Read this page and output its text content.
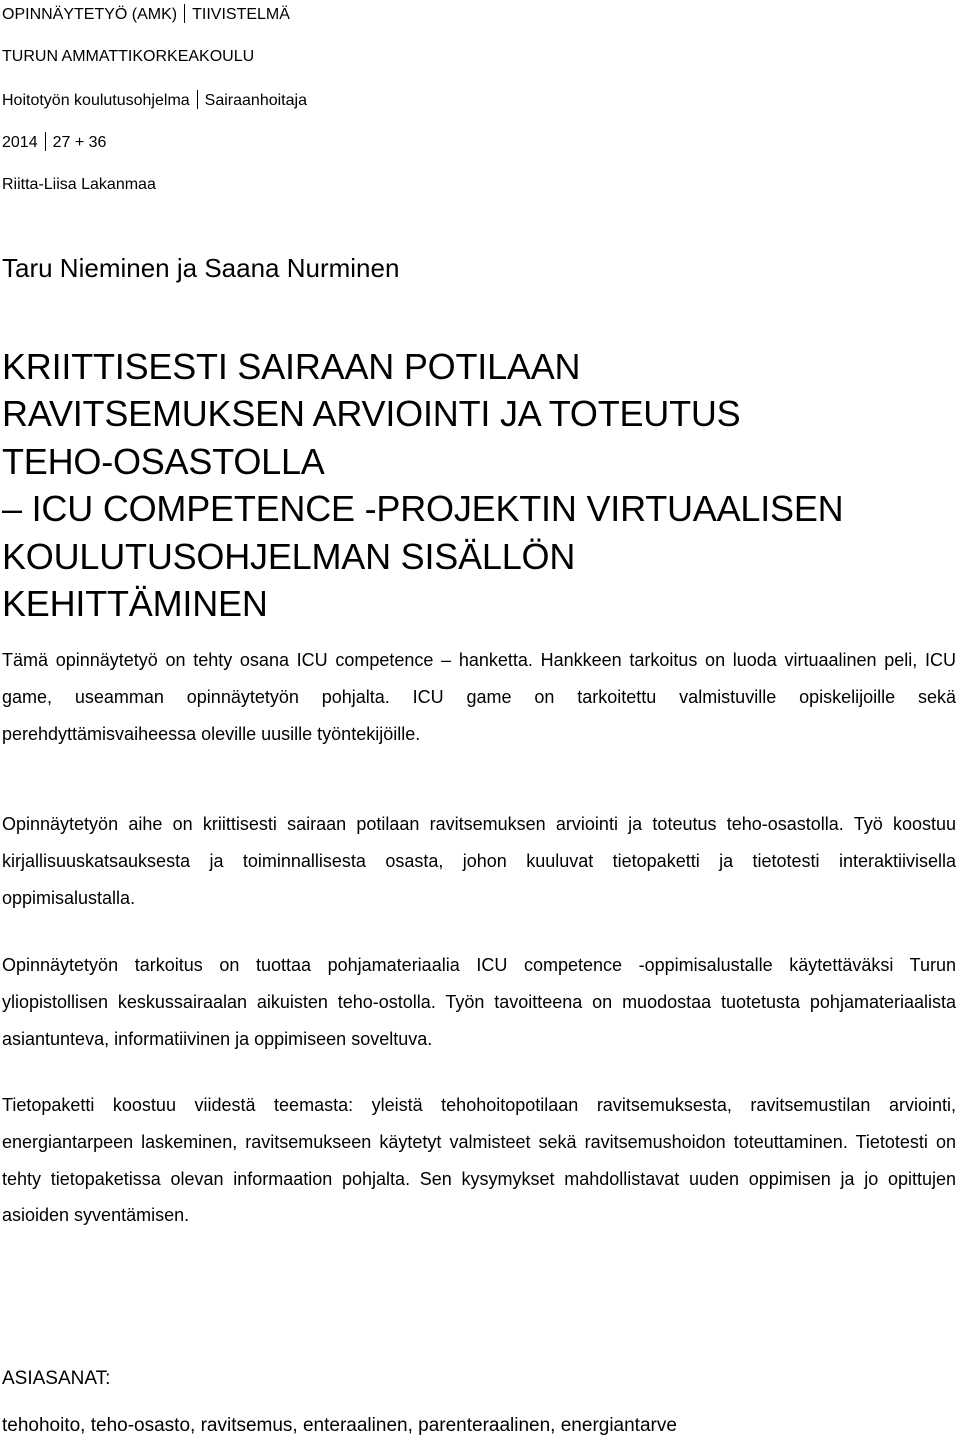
OPINNÄYTETYÖ (AMK) TIIVISTELMÄ
TURUN AMMATTIKORKEAKOULU
Hoitotyön koulutusohjelma Sairaanhoitaja
2014 27 + 36
Riitta-Liisa Lakanmaa
Taru Nieminen ja Saana Nurminen
KRIITTISESTI SAIRAAN POTILAAN
RAVITSEMUKSEN ARVIOINTI JA TOTEUTUS
TEHO-OSASTOLLA
– ICU COMPETENCE -PROJEKTIN VIRTUAALISEN
KOULUTUSOHJELMAN SISÄLLÖN
KEHITTÄMINEN

Tämä opinnäytetyö on tehty osana ICU competence – hanketta. Hankkeen tarkoitus on luoda virtuaalinen peli, ICU game, useamman opinnäytetyön pohjalta. ICU game on tarkoitettu valmistuville opiskelijoille sekä perehdyttämisvaiheessa oleville uusille työntekijöille.

Opinnäytetyön aihe on kriittisesti sairaan potilaan ravitsemuksen arviointi ja toteutus teho-osastolla. Työ koostuu kirjallisuuskatsauksesta ja toiminnallisesta osasta, johon kuuluvat tietopaketti ja tietotesti interaktiivisella oppimisalustalla.

Opinnäytetyön tarkoitus on tuottaa pohjamateriaalia ICU competence -oppimisalustalle käytettäväksi Turun yliopistollisen keskussairaalan aikuisten teho-ostolla. Työn tavoitteena on muodostaa tuotetusta pohjamateriaalista asiantunteva, informatiivinen ja oppimiseen soveltuva.

Tietopaketti koostuu viidestä teemasta: yleistä tehohoitopotilaan ravitsemuksesta, ravitsemustilan arviointi, energiantarpeen laskeminen, ravitsemukseen käytetyt valmisteet sekä ravitsemushoidon toteuttaminen. Tietotesti on tehty tietopaketissa olevan informaation pohjalta. Sen kysymykset mahdollistavat uuden oppimisen ja jo opittujen asioiden syventämisen.

ASIASANAT:
tehohoito, teho-osasto, ravitsemus, enteraalinen, parenteraalinen, energiantarve
